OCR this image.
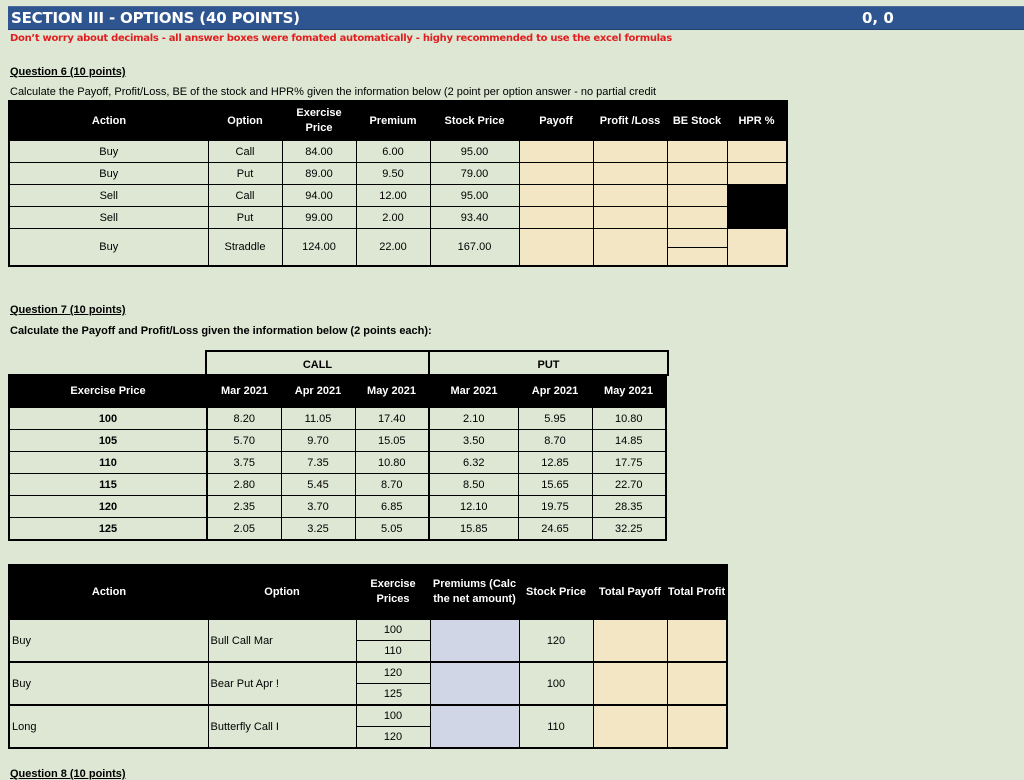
SECTION III - OPTIONS (40 POINTS)	0, 0
Don’t worry about decimals - all answer boxes were fomated automatically - highy recommended to use the excel formulas
Question 6 (10 points)
Calculate the Payoff, Profit/Loss, BE of the stock and HPR% given the information below (2 point per option answer - no partial credit
Action	Option	Exercise Price	Premium	Stock Price	Payoff	Profit /Loss	BE Stock	HPR %
Buy	Call	84.00	6.00	95.00				
Buy	Put	89.00	9.50	79.00				
Sell	Call	94.00	12.00	95.00				
Sell	Put	99.00	2.00	93.40				
Buy	Straddle	124.00	22.00	167.00			

Question 7 (10 points)
Calculate the Payoff and Profit/Loss given the information below (2 points each):
CALL	PUT
Exercise Price	Mar 2021	Apr 2021	May 2021	Mar 2021	Apr 2021	May 2021
100	8.20	11.05	17.40	2.10	5.95	10.80
105	5.70	9.70	15.05	3.50	8.70	14.85
110	3.75	7.35	10.80	6.32	12.85	17.75
115	2.80	5.45	8.70	8.50	15.65	22.70
120	2.35	3.70	6.85	12.10	19.75	28.35
125	2.05	3.25	5.05	15.85	24.65	32.25
Action	Option	Exercise Prices	Premiums (Calc the net amount)	Stock Price	Total Payoff	Total Profit
Buy	Bull Call Mar	100		120		
		110				
Buy	Bear Put Apr !	120		100		
		125				
Long	Butterfly Call I	100		110		
		120				
Question 8 (10 points)
